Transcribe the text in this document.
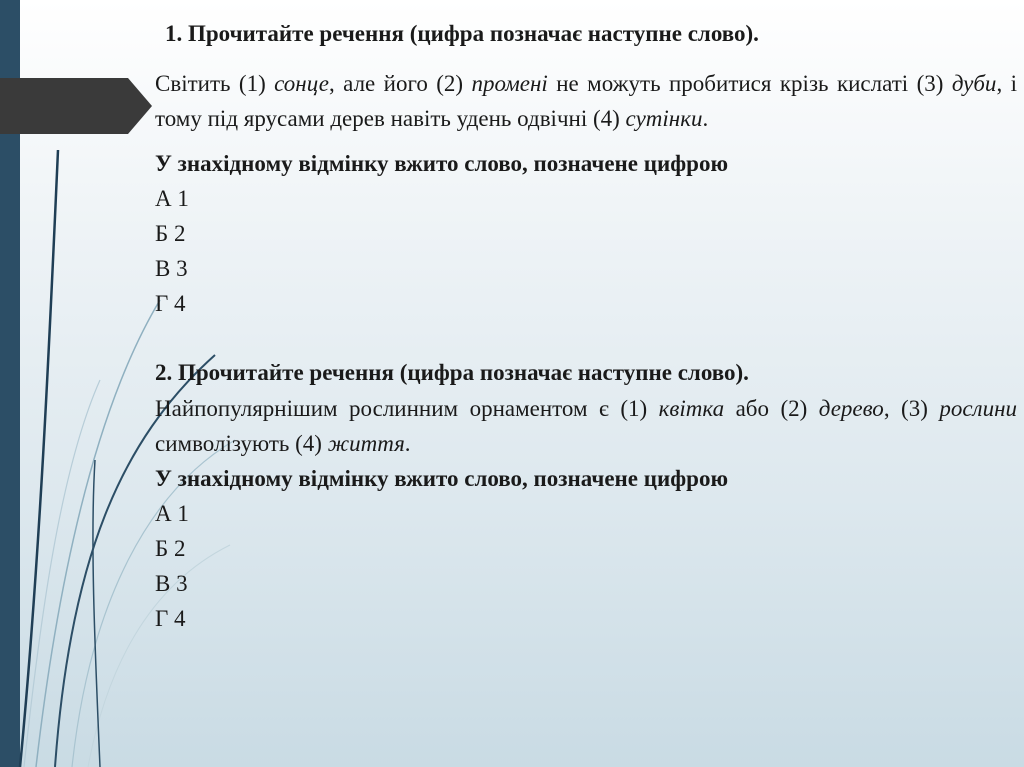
1. Прочитайте речення (цифра позначає наступне слово).
Світить (1) сонце, але його (2) промені не можуть пробитися крізь кислаті (3) дуби, і тому під ярусами дерев навіть удень одвічні (4) сутінки.
У знахідному відмінку вжито слово, позначене цифрою
А 1
Б 2
В 3
Г 4
2. Прочитайте речення (цифра позначає наступне слово).
Найпопулярнішим рослинним орнаментом є (1) квітка або (2) дерево, (3) рослини символізують (4) життя.
У знахідному відмінку вжито слово, позначене цифрою
А 1
Б 2
В 3
Г 4
